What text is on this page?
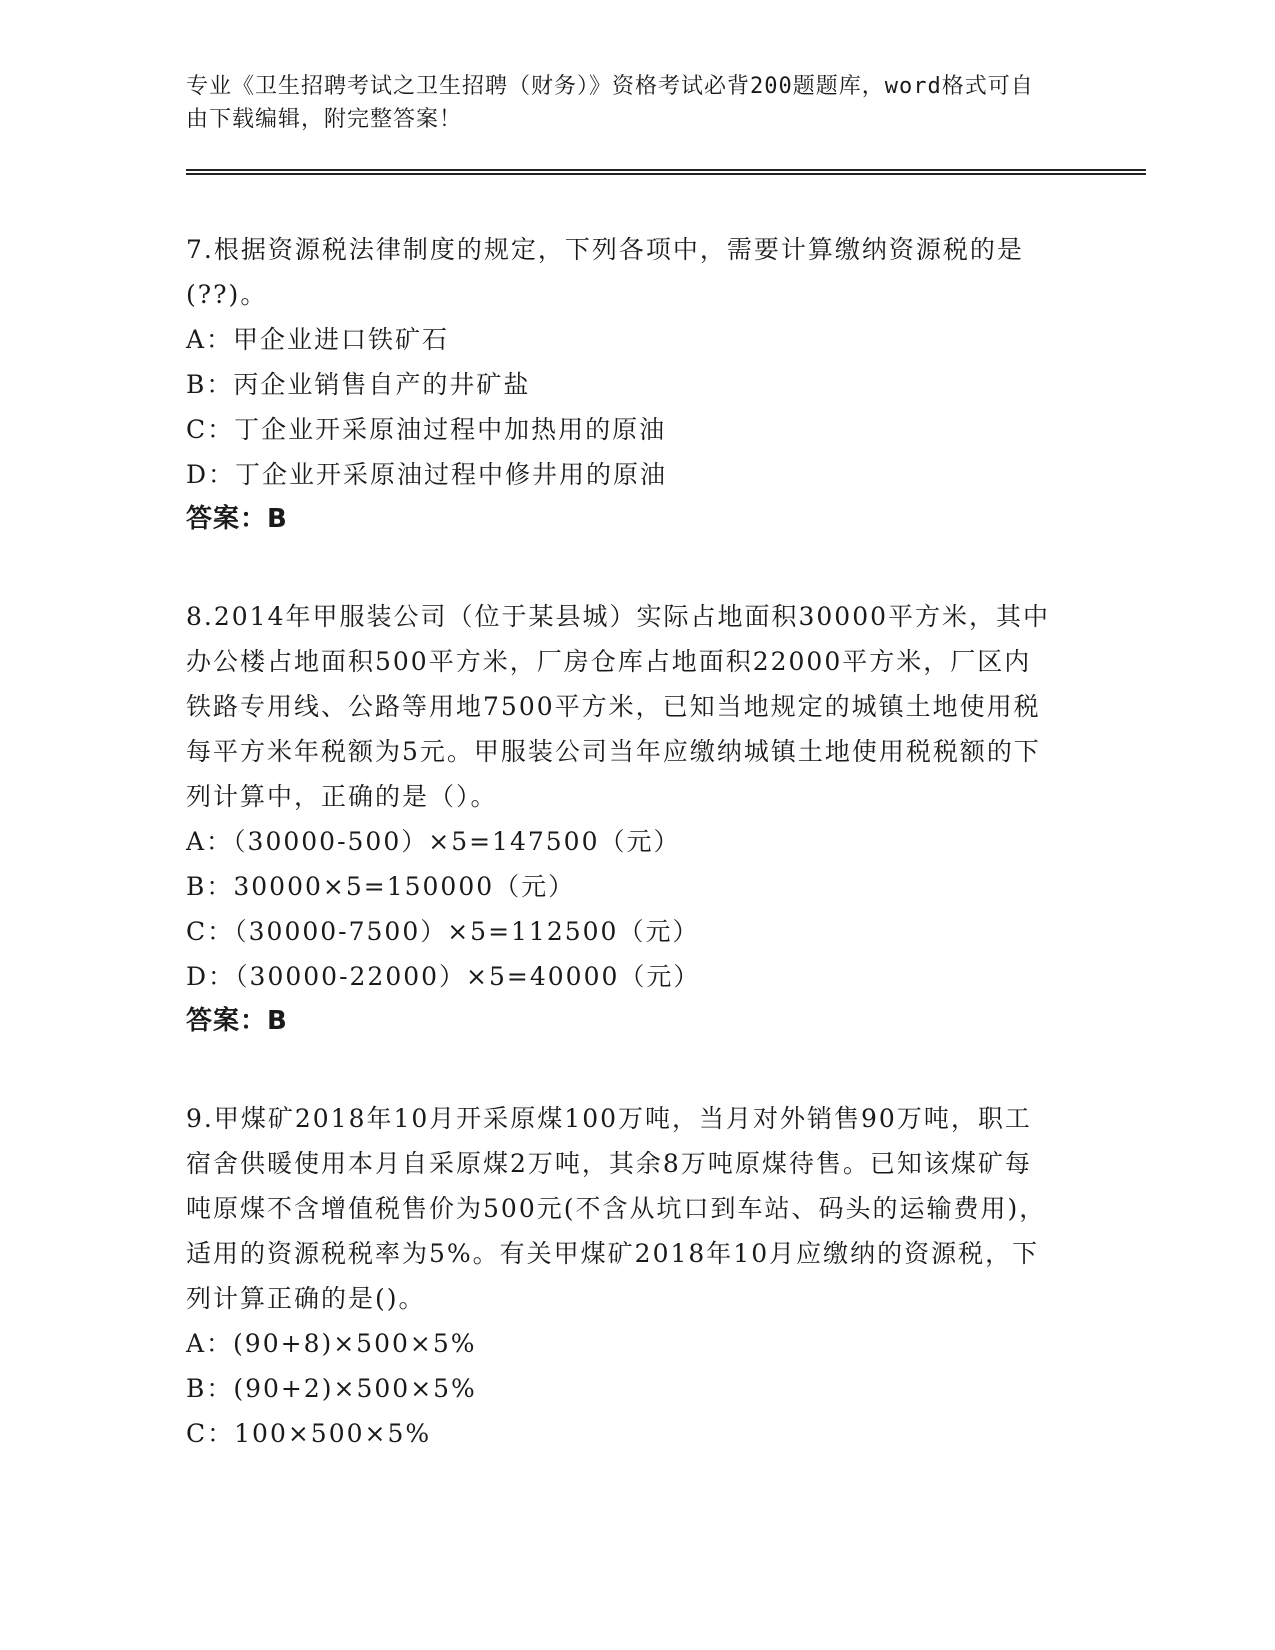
专业《卫生招聘考试之卫生招聘（财务）》资格考试必背200题题库，word格式可自由下载编辑，附完整答案！

7.根据资源税法律制度的规定，下列各项中，需要计算缴纳资源税的是(??)。

A：甲企业进口铁矿石

B：丙企业销售自产的井矿盐

C：丁企业开采原油过程中加热用的原油

D：丁企业开采原油过程中修井用的原油

答案：B

8.2014年甲服装公司（位于某县城）实际占地面积30000平方米，其中办公楼占地面积500平方米，厂房仓库占地面积22000平方米，厂区内铁路专用线、公路等用地7500平方米，已知当地规定的城镇土地使用税每平方米年税额为5元。甲服装公司当年应缴纳城镇土地使用税税额的下列计算中，正确的是（）。

A：（30000-500）×5=147500（元）

B：30000×5=150000（元）

C：（30000-7500）×5=112500（元）

D：（30000-22000）×5=40000（元）

答案：B

9.甲煤矿2018年10月开采原煤100万吨，当月对外销售90万吨，职工宿舍供暖使用本月自采原煤2万吨，其余8万吨原煤待售。已知该煤矿每吨原煤不含增值税售价为500元(不含从坑口到车站、码头的运输费用)，适用的资源税税率为5%。有关甲煤矿2018年10月应缴纳的资源税，下列计算正确的是()。

A：(90+8)×500×5%

B：(90+2)×500×5%

C：100×500×5%
